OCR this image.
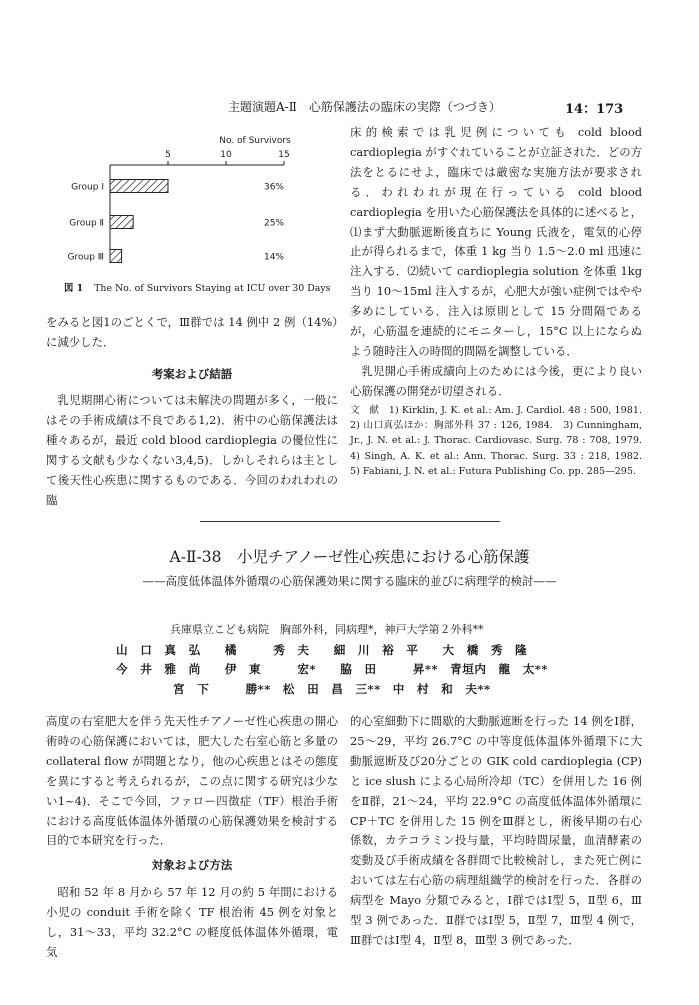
主題演題A-Ⅱ　心筋保護法の臨床の実際（つづき）	14：173
No. of Survivors
5	10	15
Group Ⅰ	36%
Group Ⅱ	25%
Group Ⅲ	14%
図 1 The No. of Survivors Staying at ICU over 30 Days

をみると図1のごとくで，Ⅲ群では 14 例中 2 例（14%）に減少した．

考案および結語

乳児期開心術については未解決の問題が多く，一般にはその手術成績は不良である1,2)．術中の心筋保護法は種々あるが，最近 cold blood cardioplegia の優位性に関する文献も少なくない3,4,5)．しかしそれらは主として後天性心疾患に関するものである．今回のわれわれの臨

床的検索では乳児例についても cold blood cardioplegia がすぐれていることが立証された．どの方法をとるにせよ，臨床では厳密な実施方法が要求される．われわれが現在行っている cold blood cardioplegia を用いた心筋保護法を具体的に述べると，⑴まず大動脈遮断後直ちに Young 氏液を，電気的心停止が得られるまで，体重 1 kg 当り 1.5〜2.0 ml 迅速に注入する．⑵続いて cardioplegia solution を体重 1kg 当り 10〜15ml 注入するが，心肥大が強い症例ではやや多めにしている．注入は原則として 15 分間隔であるが，心筋温を連続的にモニターし，15°C 以上にならぬよう随時注入の時間的間隔を調整している．

乳児開心手術成績向上のためには今後，更により良い心筋保護の開発が切望される．

文　献　1) Kirklin, J. K. et al.: Am. J. Cardiol. 48 : 500, 1981.　2) 山口真弘ほか：胸部外科 37 : 126, 1984.　3) Cunningham, Jr., J. N. et al.: J. Thorac. Cardiovasc. Surg. 78 : 708, 1979.　4) Singh, A. K. et al.: Ann. Thorac. Surg. 33 : 218, 1982.　5) Fabiani, J. N. et al.: Futura Publishing Co. pp. 285—295.
A-Ⅱ-38　小児チアノーゼ性心疾患における心筋保護
——高度低体温体外循環の心筋保護効果に関する臨床的並びに病理学的検討——
兵庫県立こども病院　胸部外科，同病理*，神戸大学第２外科**
山　口　真　弘　　橘　　　秀　夫　　細　川　裕　平　　大　橋　秀　隆
今　井　雅　尚　　伊　東　　　宏*　　脇　田　　　昇**　青垣内　龍　太**
宮　下　　　勝**　松　田　昌　三**　中　村　和　夫**

高度の右室肥大を伴う先天性チアノーゼ性心疾患の開心術時の心筋保護においては，肥大した右室心筋と多量の collateral flow が問題となり，他の心疾患とはその態度を異にすると考えられるが，この点に関する研究は少ない1~4)．そこで今回，ファロー四徴症（TF）根治手術における高度低体温体外循環の心筋保護効果を検討する目的で本研究を行った．

対象および方法

昭和 52 年 8 月から 57 年 12 月の約 5 年間における小児の conduit 手術を除く TF 根治術 45 例を対象とし，31〜33，平均 32.2°C の軽度低体温体外循環，電気

的心室細動下に間歇的大動脈遮断を行った 14 例をⅠ群，25〜29，平均 26.7°C の中等度低体温体外循環下に大動脈遮断及び20分ごとの GIK cold cardioplegia (CP) と ice slush による心局所冷却（TC）を併用した 16 例をⅡ群，21〜24，平均 22.9°C の高度低体温体外循環に CP＋TC を併用した 15 例をⅢ群とし，術後早期の右心係数，カテコラミン投与量，平均時間尿量，血清酵素の変動及び手術成績を各群間で比較検討し，また死亡例においては左右心筋の病理組織学的検討を行った．各群の病型を Mayo 分類でみると，Ⅰ群ではⅠ型 5，Ⅱ型 6，Ⅲ型 3 例であった．Ⅱ群ではⅠ型 5，Ⅱ型 7，Ⅲ型 4 例で，Ⅲ群ではⅠ型 4，Ⅱ型 8，Ⅲ型 3 例であった．
